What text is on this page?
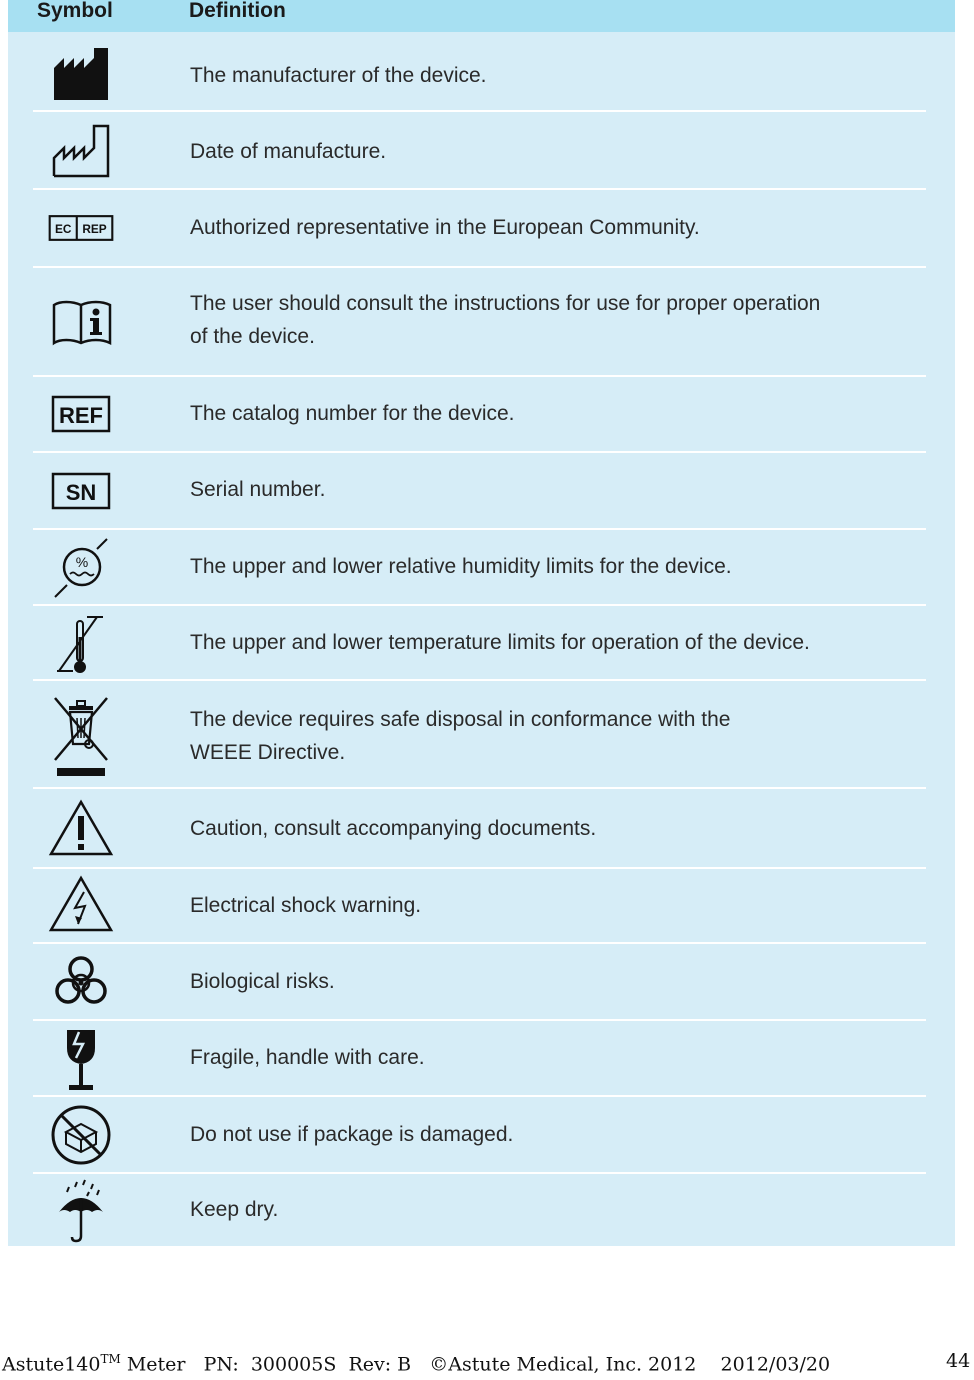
Symbol	Definition
The manufacturer of the device.
Date of manufacture.
EC REP	Authorized representative in the European Community.
The user should consult the instructions for use for proper operation
of the device.
REF	The catalog number for the device.
SN	Serial number.
%	The upper and lower relative humidity limits for the device.
The upper and lower temperature limits for operation of the device.
The device requires safe disposal in conformance with the
WEEE Directive.
Caution, consult accompanying documents.
Electrical shock warning.
Biological risks.
Fragile, handle with care.
Do not use if package is damaged.
Keep dry.
Astute140™ Meter   PN:  300005S  Rev: B   ©Astute Medical, Inc. 2012    2012/03/20	44
